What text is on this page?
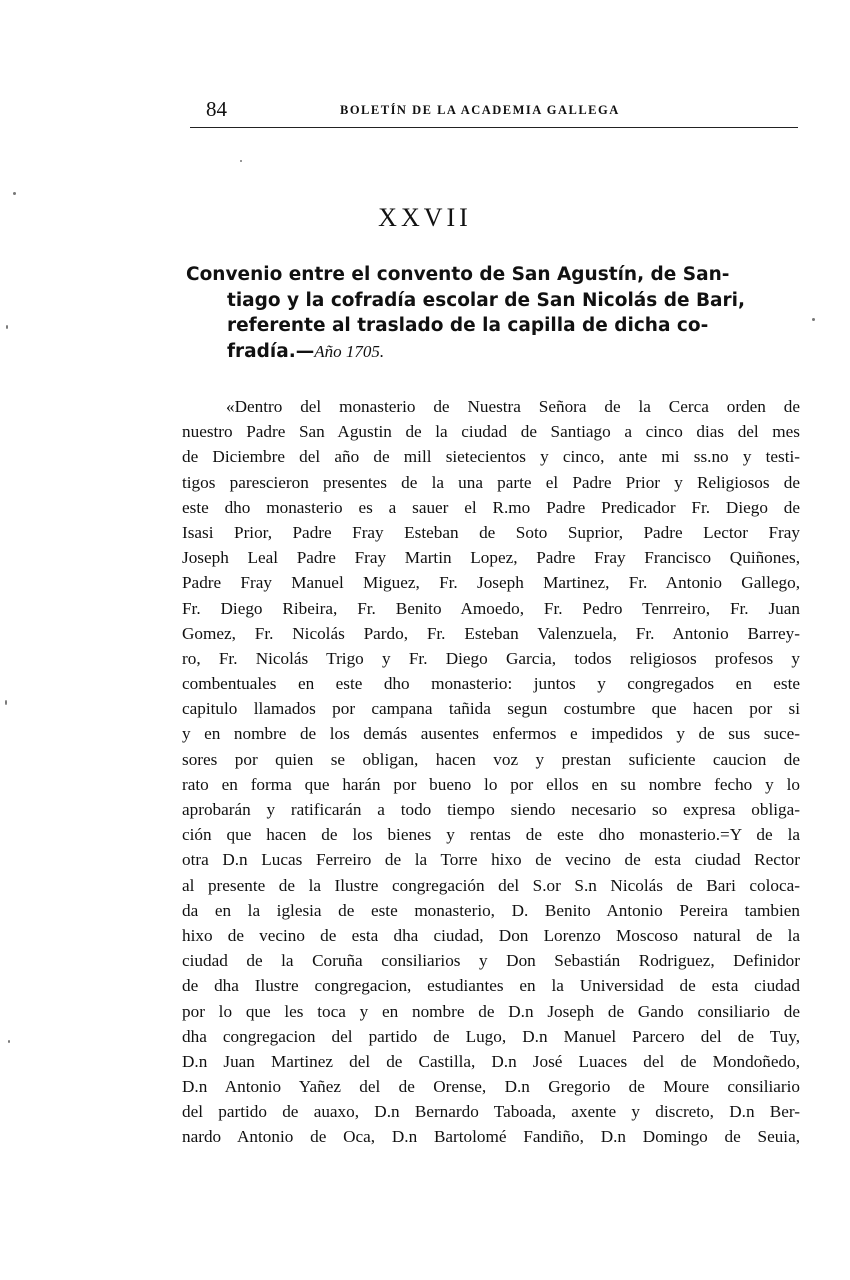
84	BOLETÍN DE LA ACADEMIA GALLEGA
XXVII
Convenio entre el convento de San Agustín, de San-
tiago y la cofradía escolar de San Nicolás de Bari,
referente al traslado de la capilla de dicha co-
fradía.—Año 1705.
«Dentro del monasterio de Nuestra Señora de la Cerca orden de
nuestro Padre San Agustin de la ciudad de Santiago a cinco dias del mes
de Diciembre del año de mill sietecientos y cinco, ante mi ss.no y testi-
tigos parescieron presentes de la una parte el Padre Prior y Religiosos de
este dho monasterio es a sauer el R.mo Padre Predicador Fr. Diego de
Isasi Prior, Padre Fray Esteban de Soto Suprior, Padre Lector Fray
Joseph Leal Padre Fray Martin Lopez, Padre Fray Francisco Quiñones,
Padre Fray Manuel Miguez, Fr. Joseph Martinez, Fr. Antonio Gallego,
Fr. Diego Ribeira, Fr. Benito Amoedo, Fr. Pedro Tenrreiro, Fr. Juan
Gomez, Fr. Nicolás Pardo, Fr. Esteban Valenzuela, Fr. Antonio Barrey-
ro, Fr. Nicolás Trigo y Fr. Diego Garcia, todos religiosos profesos y
combentuales en este dho monasterio: juntos y congregados en este
capitulo llamados por campana tañida segun costumbre que hacen por si
y en nombre de los demás ausentes enfermos e impedidos y de sus suce-
sores por quien se obligan, hacen voz y prestan suficiente caucion de
rato en forma que harán por bueno lo por ellos en su nombre fecho y lo
aprobarán y ratificarán a todo tiempo siendo necesario so expresa obliga-
ción que hacen de los bienes y rentas de este dho monasterio.=Y de la
otra D.n Lucas Ferreiro de la Torre hixo de vecino de esta ciudad Rector
al presente de la Ilustre congregación del S.or S.n Nicolás de Bari coloca-
da en la iglesia de este monasterio, D. Benito Antonio Pereira tambien
hixo de vecino de esta dha ciudad, Don Lorenzo Moscoso natural de la
ciudad de la Coruña consiliarios y Don Sebastián Rodriguez, Definidor
de dha Ilustre congregacion, estudiantes en la Universidad de esta ciudad
por lo que les toca y en nombre de D.n Joseph de Gando consiliario de
dha congregacion del partido de Lugo, D.n Manuel Parcero del de Tuy,
D.n Juan Martinez del de Castilla, D.n José Luaces del de Mondoñedo,
D.n Antonio Yañez del de Orense, D.n Gregorio de Moure consiliario
del partido de auaxo, D.n Bernardo Taboada, axente y discreto, D.n Ber-
nardo Antonio de Oca, D.n Bartolomé Fandiño, D.n Domingo de Seuia,
